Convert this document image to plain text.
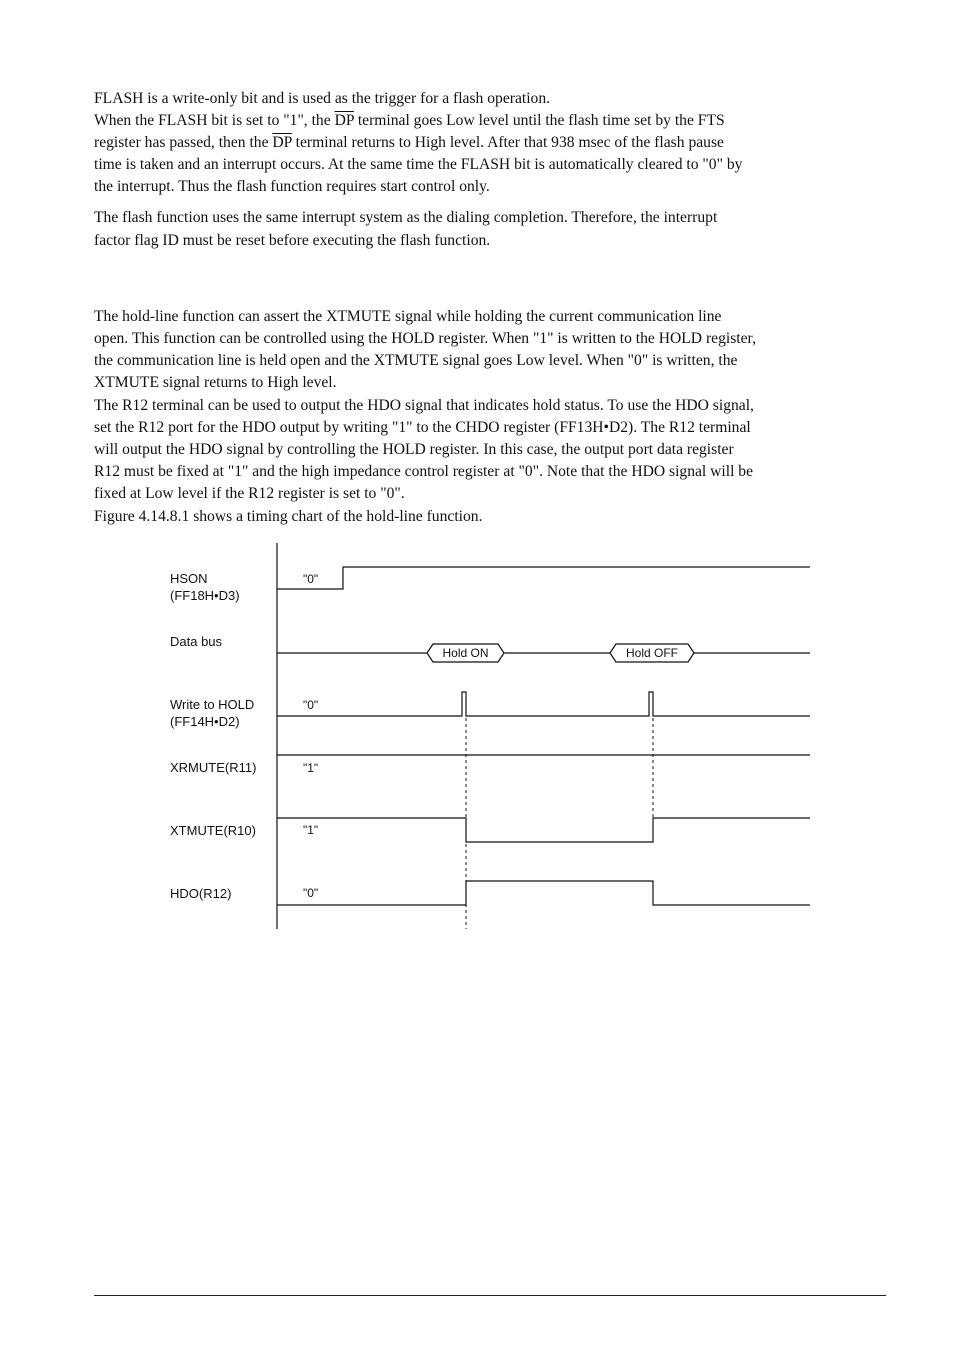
FLASH is a write-only bit and is used as the trigger for a flash operation.
When the FLASH bit is set to "1", the $\overline{DP}$ terminal goes Low level until the flash time set by the FTS
register has passed, then the $\overline{DP}$ terminal returns to High level. After that 938 msec of the flash pause
time is taken and an interrupt occurs. At the same time the FLASH bit is automatically cleared to "0" by
the interrupt. Thus the flash function requires start control only.
The flash function uses the same interrupt system as the dialing completion. Therefore, the interrupt
factor flag ID must be reset before executing the flash function.
The hold-line function can assert the XTMUTE signal while holding the current communication line
open. This function can be controlled using the HOLD register. When "1" is written to the HOLD register,
the communication line is held open and the XTMUTE signal goes Low level. When "0" is written, the
XTMUTE signal returns to High level.
The R12 terminal can be used to output the HDO signal that indicates hold status. To use the HDO signal,
set the R12 port for the HDO output by writing "1" to the CHDO register (FF13H•D2). The R12 terminal
will output the HDO signal by controlling the HOLD register. In this case, the output port data register
R12 must be fixed at "1" and the high impedance control register at "0". Note that the HDO signal will be
fixed at Low level if the R12 register is set to "0".
Figure 4.14.8.1 shows a timing chart of the hold-line function.
HSON
(FF18H•D3)
Data bus
Write to HOLD
(FF14H•D2)
XRMUTE(R11)
XTMUTE(R10)
HDO(R12)
"0"
"0"
"1"
"1"
"0"
Hold ON	Hold OFF
